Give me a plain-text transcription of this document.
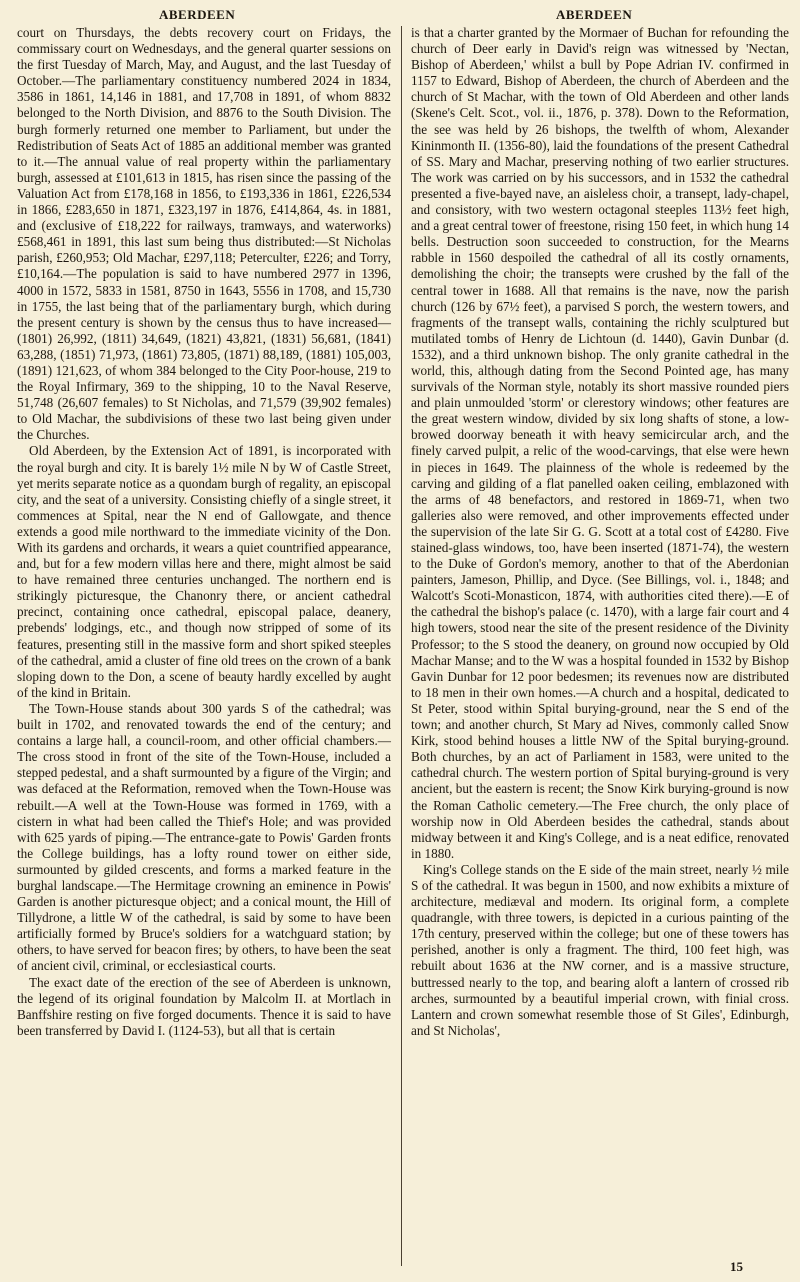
ABERDEEN	ABERDEEN

court on Thursdays, the debts recovery court on Fridays, the commissary court on Wednesdays, and the general quarter sessions on the first Tuesday of March, May, and August, and the last Tuesday of October.—The parliamentary constituency numbered 2024 in 1834, 3586 in 1861, 14,146 in 1881, and 17,708 in 1891, of whom 8832 belonged to the North Division, and 8876 to the South Division. The burgh formerly returned one member to Parliament, but under the Redistribution of Seats Act of 1885 an additional member was granted to it.—The annual value of real property within the parliamentary burgh, assessed at £101,613 in 1815, has risen since the passing of the Valuation Act from £178,168 in 1856, to £193,336 in 1861, £226,534 in 1866, £283,650 in 1871, £323,197 in 1876, £414,864, 4s. in 1881, and (exclusive of £18,222 for railways, tramways, and waterworks) £568,461 in 1891, this last sum being thus distributed:—St Nicholas parish, £260,953; Old Machar, £297,118; Peterculter, £226; and Torry, £10,164.—The population is said to have numbered 2977 in 1396, 4000 in 1572, 5833 in 1581, 8750 in 1643, 5556 in 1708, and 15,730 in 1755, the last being that of the parliamentary burgh, which during the present century is shown by the census thus to have increased—(1801) 26,992, (1811) 34,649, (1821) 43,821, (1831) 56,681, (1841) 63,288, (1851) 71,973, (1861) 73,805, (1871) 88,189, (1881) 105,003, (1891) 121,623, of whom 384 belonged to the City Poor-house, 219 to the Royal Infirmary, 369 to the shipping, 10 to the Naval Reserve, 51,748 (26,607 females) to St Nicholas, and 71,579 (39,902 females) to Old Machar, the subdivisions of these two last being given under the Churches.

Old Aberdeen, by the Extension Act of 1891, is incorporated with the royal burgh and city. It is barely 1½ mile N by W of Castle Street, yet merits separate notice as a quondam burgh of regality, an episcopal city, and the seat of a university. Consisting chiefly of a single street, it commences at Spital, near the N end of Gallowgate, and thence extends a good mile northward to the immediate vicinity of the Don. With its gardens and orchards, it wears a quiet countrified appearance, and, but for a few modern villas here and there, might almost be said to have remained three centuries unchanged. The northern end is strikingly picturesque, the Chanonry there, or ancient cathedral precinct, containing once cathedral, episcopal palace, deanery, prebends' lodgings, etc., and though now stripped of some of its features, presenting still in the massive form and short spiked steeples of the cathedral, amid a cluster of fine old trees on the crown of a bank sloping down to the Don, a scene of beauty hardly excelled by aught of the kind in Britain.

The Town-House stands about 300 yards S of the cathedral; was built in 1702, and renovated towards the end of the century; and contains a large hall, a council-room, and other official chambers.—The cross stood in front of the site of the Town-House, included a stepped pedestal, and a shaft surmounted by a figure of the Virgin; and was defaced at the Reformation, removed when the Town-House was rebuilt.—A well at the Town-House was formed in 1769, with a cistern in what had been called the Thief's Hole; and was provided with 625 yards of piping.—The entrance-gate to Powis' Garden fronts the College buildings, has a lofty round tower on either side, surmounted by gilded crescents, and forms a marked feature in the burghal landscape.—The Hermitage crowning an eminence in Powis' Garden is another picturesque object; and a conical mount, the Hill of Tillydrone, a little W of the cathedral, is said by some to have been artificially formed by Bruce's soldiers for a watchguard station; by others, to have served for beacon fires; by others, to have been the seat of ancient civil, criminal, or ecclesiastical courts.

The exact date of the erection of the see of Aberdeen is unknown, the legend of its original foundation by Malcolm II. at Mortlach in Banffshire resting on five forged documents. Thence it is said to have been transferred by David I. (1124-53), but all that is certain

is that a charter granted by the Mormaer of Buchan for refounding the church of Deer early in David's reign was witnessed by 'Nectan, Bishop of Aberdeen,' whilst a bull by Pope Adrian IV. confirmed in 1157 to Edward, Bishop of Aberdeen, the church of Aberdeen and the church of St Machar, with the town of Old Aberdeen and other lands (Skene's Celt. Scot., vol. ii., 1876, p. 378). Down to the Reformation, the see was held by 26 bishops, the twelfth of whom, Alexander Kininmonth II. (1356-80), laid the foundations of the present Cathedral of SS. Mary and Machar, preserving nothing of two earlier structures. The work was carried on by his successors, and in 1532 the cathedral presented a five-bayed nave, an aisleless choir, a transept, lady-chapel, and consistory, with two western octagonal steeples 113½ feet high, and a great central tower of freestone, rising 150 feet, in which hung 14 bells. Destruction soon succeeded to construction, for the Mearns rabble in 1560 despoiled the cathedral of all its costly ornaments, demolishing the choir; the transepts were crushed by the fall of the central tower in 1688. All that remains is the nave, now the parish church (126 by 67½ feet), a parvised S porch, the western towers, and fragments of the transept walls, containing the richly sculptured but mutilated tombs of Henry de Lichtoun (d. 1440), Gavin Dunbar (d. 1532), and a third unknown bishop. The only granite cathedral in the world, this, although dating from the Second Pointed age, has many survivals of the Norman style, notably its short massive rounded piers and plain unmoulded 'storm' or clerestory windows; other features are the great western window, divided by six long shafts of stone, a low-browed doorway beneath it with heavy semicircular arch, and the finely carved pulpit, a relic of the wood-carvings, that else were hewn in pieces in 1649. The plainness of the whole is redeemed by the carving and gilding of a flat panelled oaken ceiling, emblazoned with the arms of 48 benefactors, and restored in 1869-71, when two galleries also were removed, and other improvements effected under the supervision of the late Sir G. G. Scott at a total cost of £4280. Five stained-glass windows, too, have been inserted (1871-74), the western to the Duke of Gordon's memory, another to that of the Aberdonian painters, Jameson, Phillip, and Dyce. (See Billings, vol. i., 1848; and Walcott's Scoti-Monasticon, 1874, with authorities cited there).—E of the cathedral the bishop's palace (c. 1470), with a large fair court and 4 high towers, stood near the site of the present residence of the Divinity Professor; to the S stood the deanery, on ground now occupied by Old Machar Manse; and to the W was a hospital founded in 1532 by Bishop Gavin Dunbar for 12 poor bedesmen; its revenues now are distributed to 18 men in their own homes.—A church and a hospital, dedicated to St Peter, stood within Spital burying-ground, near the S end of the town; and another church, St Mary ad Nives, commonly called Snow Kirk, stood behind houses a little NW of the Spital burying-ground. Both churches, by an act of Parliament in 1583, were united to the cathedral church. The western portion of Spital burying-ground is very ancient, but the eastern is recent; the Snow Kirk burying-ground is now the Roman Catholic cemetery.—The Free church, the only place of worship now in Old Aberdeen besides the cathedral, stands about midway between it and King's College, and is a neat edifice, renovated in 1880.

King's College stands on the E side of the main street, nearly ½ mile S of the cathedral. It was begun in 1500, and now exhibits a mixture of architecture, mediæval and modern. Its original form, a complete quadrangle, with three towers, is depicted in a curious painting of the 17th century, preserved within the college; but one of these towers has perished, another is only a fragment. The third, 100 feet high, was rebuilt about 1636 at the NW corner, and is a massive structure, buttressed nearly to the top, and bearing aloft a lantern of crossed rib arches, surmounted by a beautiful imperial crown, with finial cross. Lantern and crown somewhat resemble those of St Giles', Edinburgh, and St Nicholas',

15
